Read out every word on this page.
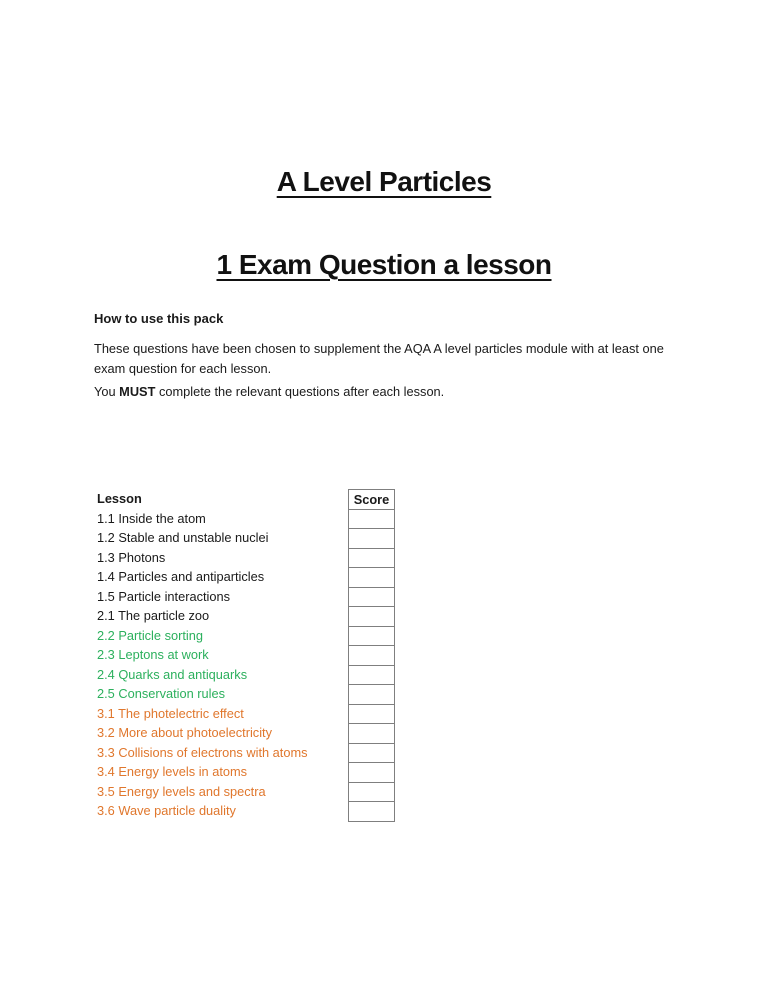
A Level Particles
1 Exam Question a lesson
How to use this pack

These questions have been chosen to supplement the AQA A level particles module with at least one exam question for each lesson.

You MUST complete the relevant questions after each lesson.

Lesson
1.1 Inside the atom
1.2 Stable and unstable nuclei
1.3 Photons
1.4 Particles and antiparticles
1.5 Particle interactions
2.1 The particle zoo
2.2 Particle sorting
2.3 Leptons at work
2.4 Quarks and antiquarks
2.5 Conservation rules
3.1 The photelectric effect
3.2 More about photoelectricity
3.3 Collisions of electrons with atoms
3.4 Energy levels in atoms
3.5 Energy levels and spectra
3.6 Wave particle duality
Score
